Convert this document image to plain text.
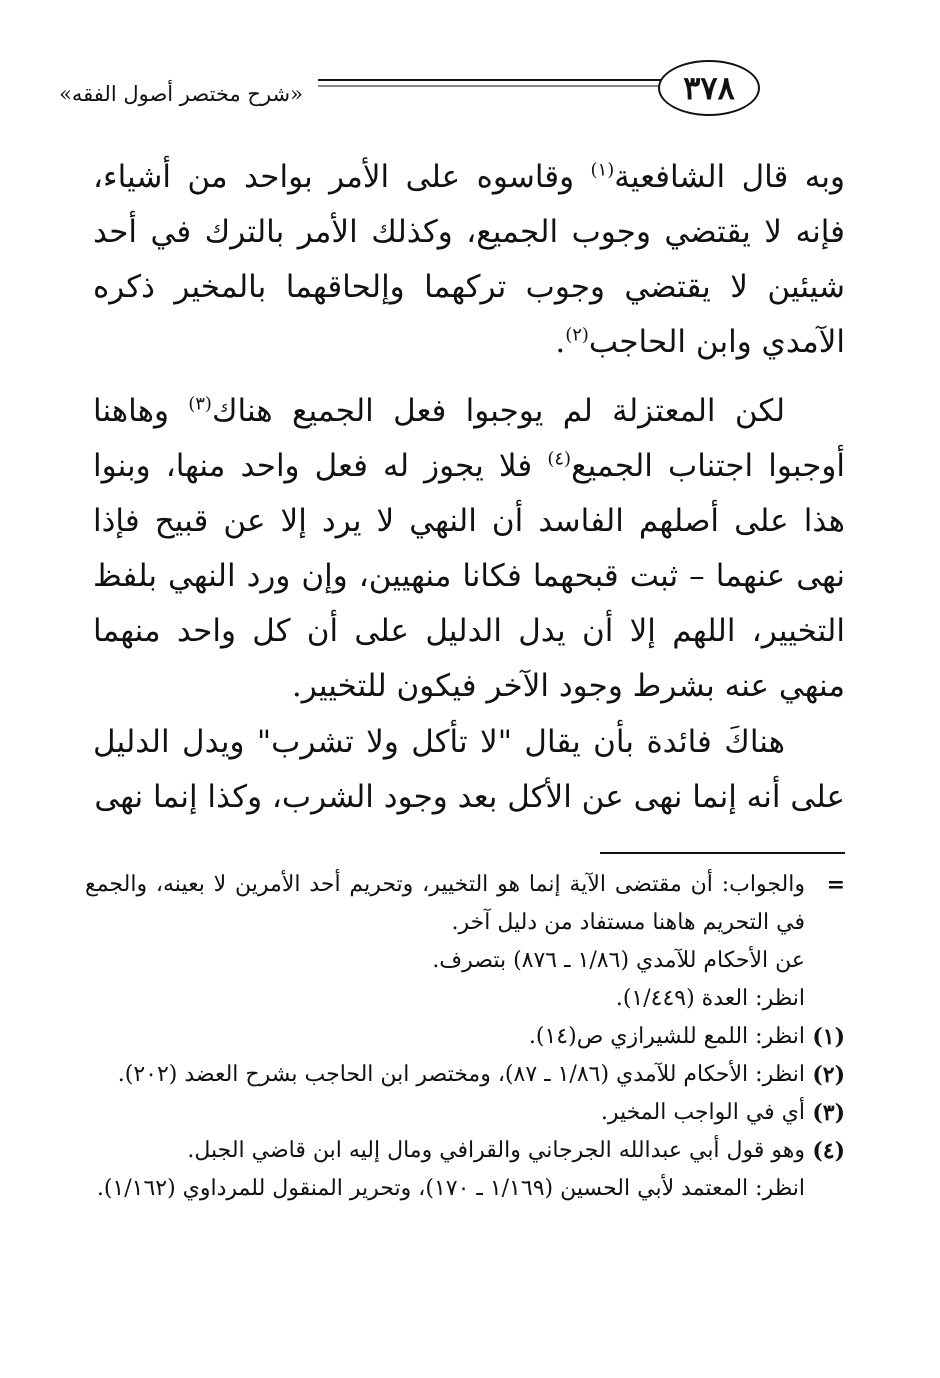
«شرح مختصر أصول الفقه»	٣٧٨

وبه قال الشافعية$^{(١)}$ وقاسوه على الأمر بواحد من أشياء، فإنه لا يقتضي وجوب الجميع، وكذلك الأمر بالترك في أحد شيئين لا يقتضي وجوب تركهما وإلحاقهما بالمخير ذكره الآمدي وابن الحاجب$^{(٢)}$.

لكن المعتزلة لم يوجبوا فعل الجميع هناك$^{(٣)}$ وهاهنا أوجبوا اجتناب الجميع$^{(٤)}$ فلا يجوز له فعل واحد منها، وبنوا هذا على أصلهم الفاسد أن النهي لا يرد إلا عن قبيح فإذا نهى عنهما – ثبت قبحهما فكانا منهيين، وإن ورد النهي بلفظ التخيير، اللهم إلا أن يدل الدليل على أن كل واحد منهما منهي عنه بشرط وجود الآخر فيكون للتخيير.

هناكَ فائدة بأن يقال "لا تأكل ولا تشرب" ويدل الدليل على أنه إنما نهى عن الأكل بعد وجود الشرب، وكذا إنما نهى

=
والجواب: أن مقتضى الآية إنما هو التخيير، وتحريم أحد الأمرين لا بعينه، والجمع في التحريم هاهنا مستفاد من دليل آخر.
عن الأحكام للآمدي (١/٨٦ ـ ٨٧٦) بتصرف.
انظر: العدة (١/٤٤٩).
(١)
انظر: اللمع للشيرازي ص(١٤).
(٢)
انظر: الأحكام للآمدي (١/٨٦ ـ ٨٧)، ومختصر ابن الحاجب بشرح العضد (٢٠٢).
(٣)
أي في الواجب المخير.
(٤)
وهو قول أبي عبدالله الجرجاني والقرافي ومال إليه ابن قاضي الجبل.
انظر: المعتمد لأبي الحسين (١/١٦٩ ـ ١٧٠)، وتحرير المنقول للمرداوي (١/١٦٢).
